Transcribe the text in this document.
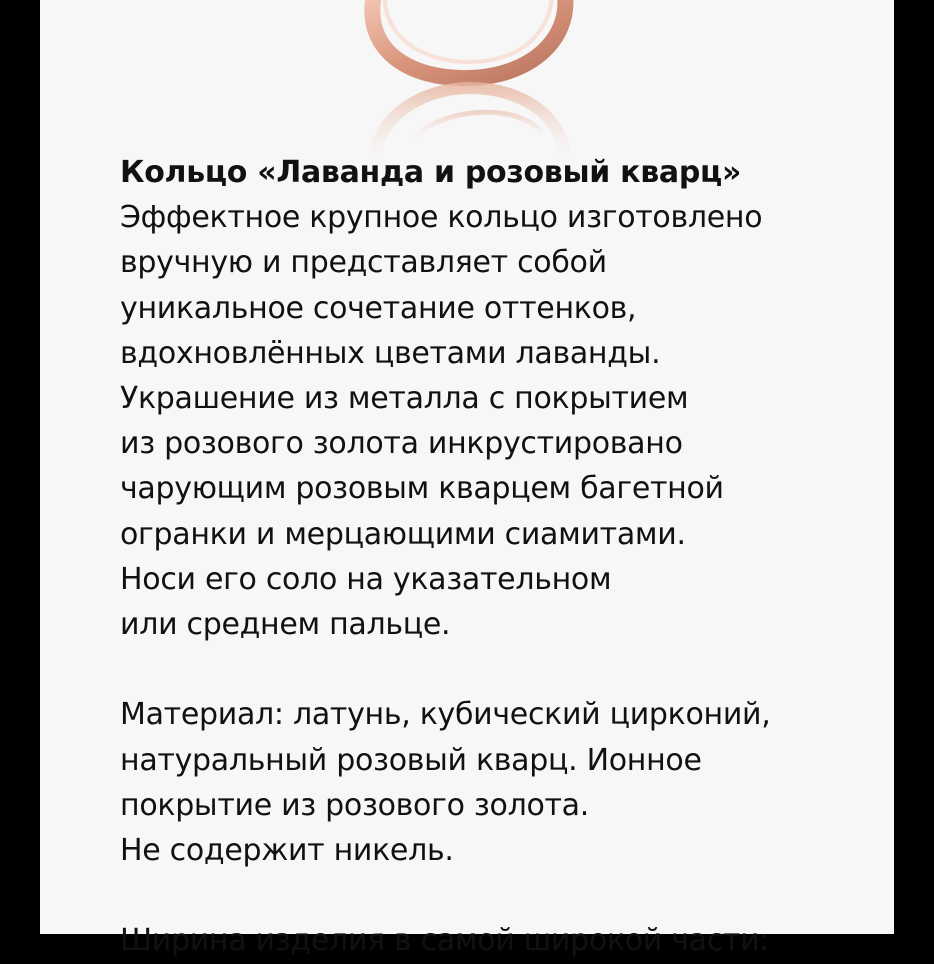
Кольцо «Лаванда и розовый кварц»
Эффектное крупное кольцо изготовлено
вручную и представляет собой
уникальное сочетание оттенков,
вдохновлённых цветами лаванды.
Украшение из металла с покрытием
из розового золота инкрустировано
чарующим розовым кварцем багетной
огранки и мерцающими сиамитами.
Носи его соло на указательном
или среднем пальце.
Материал: латунь, кубический цирконий,
натуральный розовый кварц. Ионное
покрытие из розового золота.
Не содержит никель.
Ширина изделия в самой широкой части:
